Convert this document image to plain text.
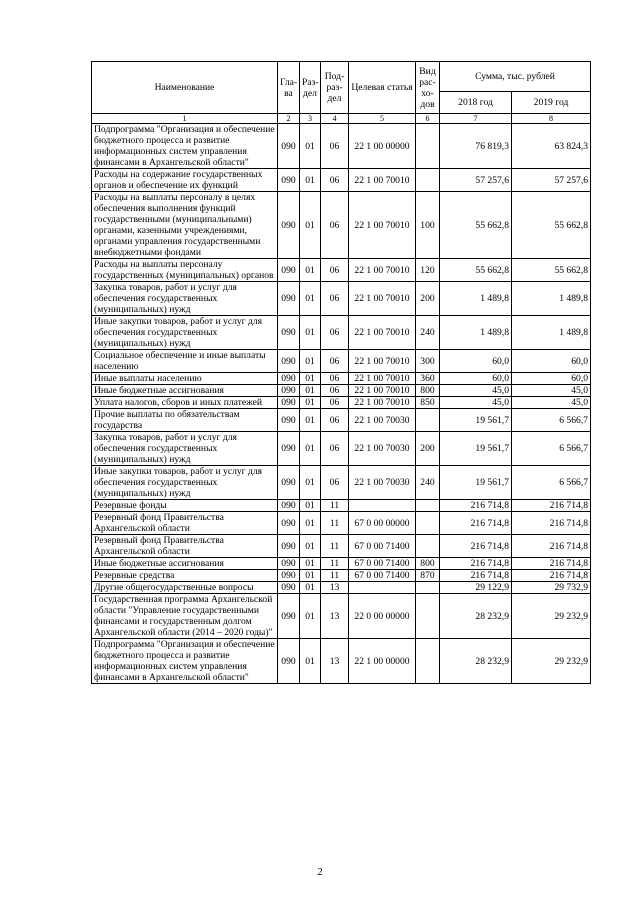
Наименование	Гла-ва	Раз-дел	Под-раз-дел	Целевая статья	Вид рас-хо-дов	Сумма, тыс. рублей	
						2018 год	2019 год
1	2	3	4	5	6	7	8
Подпрограмма "Организация и обеспечение бюджетного процесса и развитие информационных систем управления финансами в Архангельской области"	090	01	06	22 1 00 00000		76 819,3	63 824,3
Расходы на содержание государственных органов и обеспечение их функций	090	01	06	22 1 00 70010		57 257,6	57 257,6
Расходы на выплаты персоналу в целях обеспечения выполнения функций государственными (муниципальными) органами, казенными учреждениями, органами управления государственными внебюджетными фондами	090	01	06	22 1 00 70010	100	55 662,8	55 662,8
Расходы на выплаты персоналу государственных (муниципальных) органов	090	01	06	22 1 00 70010	120	55 662,8	55 662,8
Закупка товаров, работ и услуг для обеспечения государственных (муниципальных) нужд	090	01	06	22 1 00 70010	200	1 489,8	1 489,8
Иные закупки товаров, работ и услуг для обеспечения государственных (муниципальных) нужд	090	01	06	22 1 00 70010	240	1 489,8	1 489,8
Социальное обеспечение и иные выплаты населению	090	01	06	22 1 00 70010	300	60,0	60,0
Иные выплаты населению	090	01	06	22 1 00 70010	360	60,0	60,0
Иные бюджетные ассигнования	090	01	06	22 1 00 70010	800	45,0	45,0
Уплата налогов, сборов и иных платежей	090	01	06	22 1 00 70010	850	45,0	45,0
Прочие выплаты по обязательствам государства	090	01	06	22 1 00 70030		19 561,7	6 566,7
Закупка товаров, работ и услуг для обеспечения государственных (муниципальных) нужд	090	01	06	22 1 00 70030	200	19 561,7	6 566,7
Иные закупки товаров, работ и услуг для обеспечения государственных (муниципальных) нужд	090	01	06	22 1 00 70030	240	19 561,7	6 566,7
Резервные фонды	090	01	11			216 714,8	216 714,8
Резервный фонд Правительства Архангельской области	090	01	11	67 0 00 00000		216 714,8	216 714,8
Резервный фонд Правительства Архангельской области	090	01	11	67 0 00 71400		216 714,8	216 714,8
Иные бюджетные ассигнования	090	01	11	67 0 00 71400	800	216 714,8	216 714,8
Резервные средства	090	01	11	67 0 00 71400	870	216 714,8	216 714,8
Другие общегосударственные вопросы	090	01	13			29 122,9	29 732,9
Государственная программа Архангельской области "Управление государственными финансами и государственным долгом Архангельской области (2014 – 2020 годы)"	090	01	13	22 0 00 00000		28 232,9	29 232,9
Подпрограмма "Организация и обеспечение бюджетного процесса и развитие информационных систем управления финансами в Архангельской области"	090	01	13	22 1 00 00000		28 232,9	29 232,9
2
